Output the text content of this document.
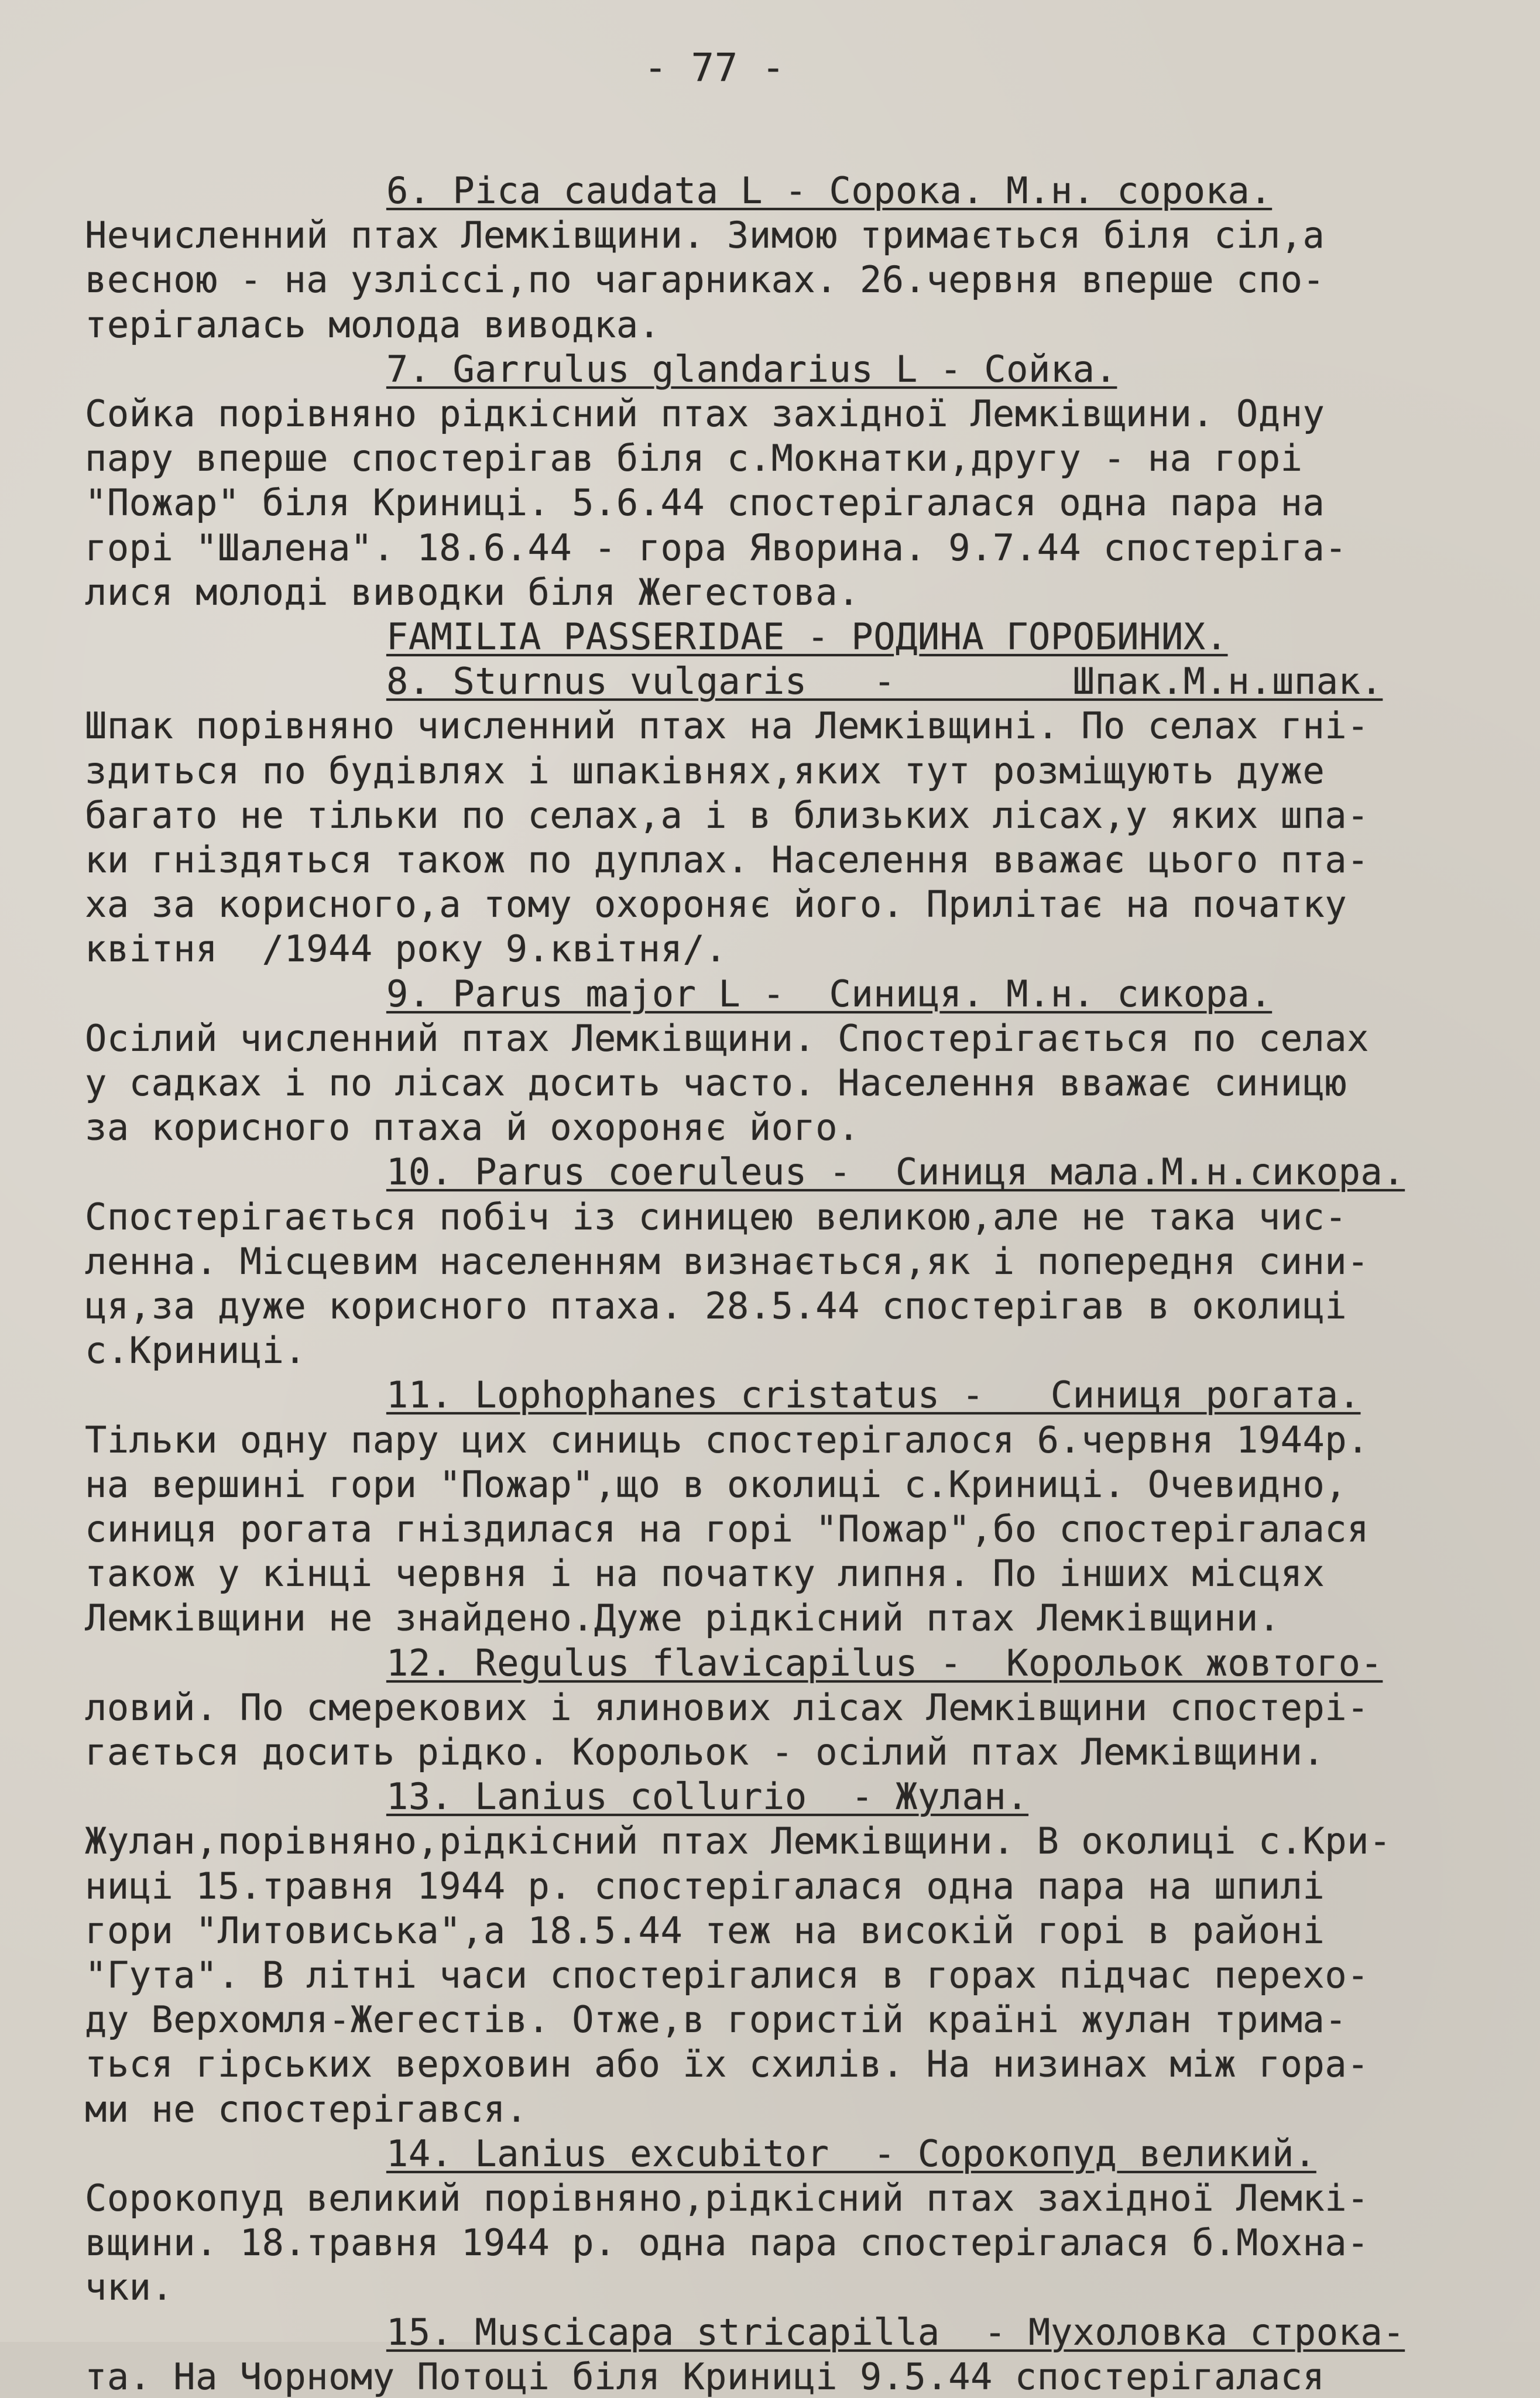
- 77 -
6. Pica caudata L - Сорока. М.н. сорока.
Нечисленний птах Лемківщини. Зимою тримається біля сіл,а
весною - на узліссі,по чагарниках. 26.червня вперше спо-
терігалась молода виводка.
7. Garrulus glandarius L - Сойка.
Сойка порівняно рідкісний птах західної Лемківщини. Одну
пару вперше спостерігав біля с.Мокнатки,другу - на горі
"Пожар" біля Криниці. 5.6.44 спостерігалася одна пара на
горі "Шалена". 18.6.44 - гора Яворина. 9.7.44 спостеріга-
лися молоді виводки біля Жегестова.
FAMILIA PASSERIDAE - РОДИНА ГОРОБИНИХ.
8. Sturnus vulgaris   -        Шпак.М.н.шпак.
Шпак порівняно численний птах на Лемківщині. По селах гні-
здиться по будівлях і шпаківнях,яких тут розміщують дуже
багато не тільки по селах,а і в близьких лісах,у яких шпа-
ки гніздяться також по дуплах. Населення вважає цього пта-
ха за корисного,а тому охороняє його. Прилітає на початку
квітня  /1944 року 9.квітня/.
9. Parus major L -  Синиця. М.н. сикора.
Осілий численний птах Лемківщини. Спостерігається по селах
у садках і по лісах досить часто. Населення вважає синицю
за корисного птаха й охороняє його.
10. Parus coeruleus -  Синиця мала.М.н.сикора.
Спостерігається побіч із синицею великою,але не така чис-
ленна. Місцевим населенням визнається,як і попередня сини-
ця,за дуже корисного птаха. 28.5.44 спостерігав в околиці
с.Криниці.
11. Lophophanes cristatus -   Синиця рогата.
Тільки одну пару цих синиць спостерігалося 6.червня 1944р.
на вершині гори "Пожар",що в околиці с.Криниці. Очевидно,
синиця рогата гніздилася на горі "Пожар",бо спостерігалася
також у кінці червня і на початку липня. По інших місцях
Лемківщини не знайдено.Дуже рідкісний птах Лемківщини.
12. Regulus flavicapilus -  Корольок жовтого-
ловий. По смерекових і ялинових лісах Лемківщини спостері-
гається досить рідко. Корольок - осілий птах Лемківщини.
13. Lanius collurio  - Жулан.
Жулан,порівняно,рідкісний птах Лемківщини. В околиці с.Кри-
ниці 15.травня 1944 р. спостерігалася одна пара на шпилі
гори "Литовиська",а 18.5.44 теж на високій горі в районі
"Гута". В літні часи спостерігалися в горах підчас перехо-
ду Верхомля-Жегестів. Отже,в гористій країні жулан трима-
ться гірських верховин або їх схилів. На низинах між гора-
ми не спостерігався.
14. Lanius excubitor  - Сорокопуд великий.
Сорокопуд великий порівняно,рідкісний птах західної Лемкі-
вщини. 18.травня 1944 р. одна пара спостерігалася б.Мохна-
чки.
15. Muscicapa stricapilla  - Мухоловка строка-
та. На Чорному Потоці біля Криниці 9.5.44 спостерігалася
